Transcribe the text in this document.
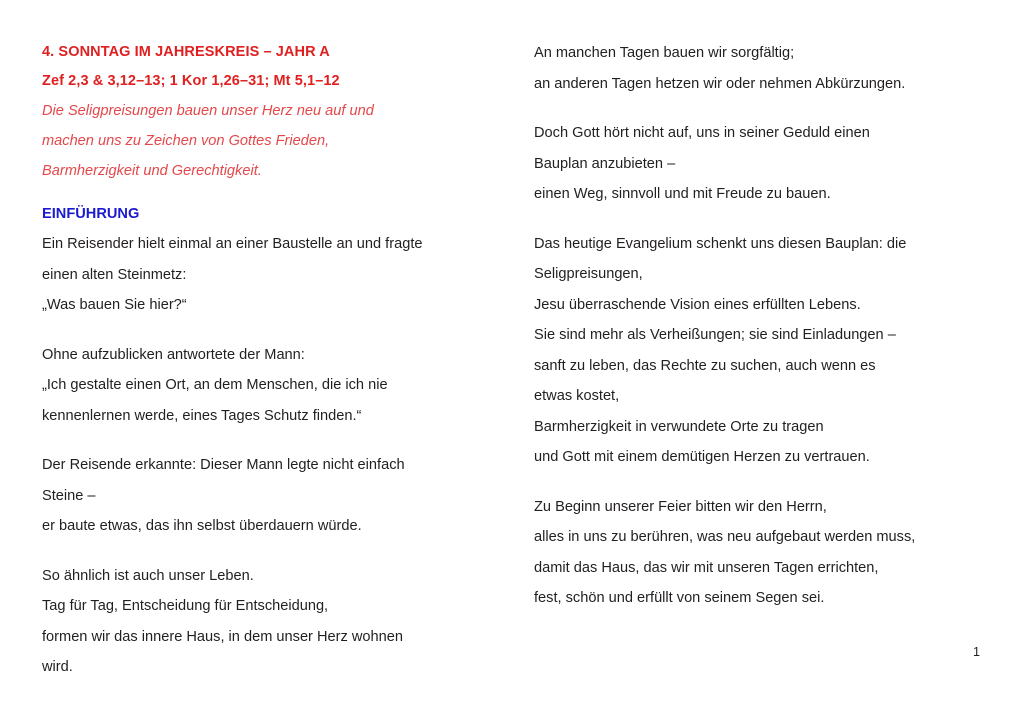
4. SONNTAG IM JAHRESKREIS – JAHR A
Zef 2,3 & 3,12–13; 1 Kor 1,26–31; Mt 5,1–12
Die Seligpreisungen bauen unser Herz neu auf und
machen uns zu Zeichen von Gottes Frieden,
Barmherzigkeit und Gerechtigkeit.
EINFÜHRUNG
Ein Reisender hielt einmal an einer Baustelle an und fragte
einen alten Steinmetz:
„Was bauen Sie hier?“
Ohne aufzublicken antwortete der Mann:
„Ich gestalte einen Ort, an dem Menschen, die ich nie
kennenlernen werde, eines Tages Schutz finden.“
Der Reisende erkannte: Dieser Mann legte nicht einfach
Steine –
er baute etwas, das ihn selbst überdauern würde.
So ähnlich ist auch unser Leben.
Tag für Tag, Entscheidung für Entscheidung,
formen wir das innere Haus, in dem unser Herz wohnen
wird.
An manchen Tagen bauen wir sorgfältig;
an anderen Tagen hetzen wir oder nehmen Abkürzungen.
Doch Gott hört nicht auf, uns in seiner Geduld einen
Bauplan anzubieten –
einen Weg, sinnvoll und mit Freude zu bauen.
Das heutige Evangelium schenkt uns diesen Bauplan: die
Seligpreisungen,
Jesu überraschende Vision eines erfüllten Lebens.
Sie sind mehr als Verheißungen; sie sind Einladungen –
sanft zu leben, das Rechte zu suchen, auch wenn es
etwas kostet,
Barmherzigkeit in verwundete Orte zu tragen
und Gott mit einem demütigen Herzen zu vertrauen.
Zu Beginn unserer Feier bitten wir den Herrn,
alles in uns zu berühren, was neu aufgebaut werden muss,
damit das Haus, das wir mit unseren Tagen errichten,
fest, schön und erfüllt von seinem Segen sei.
1
